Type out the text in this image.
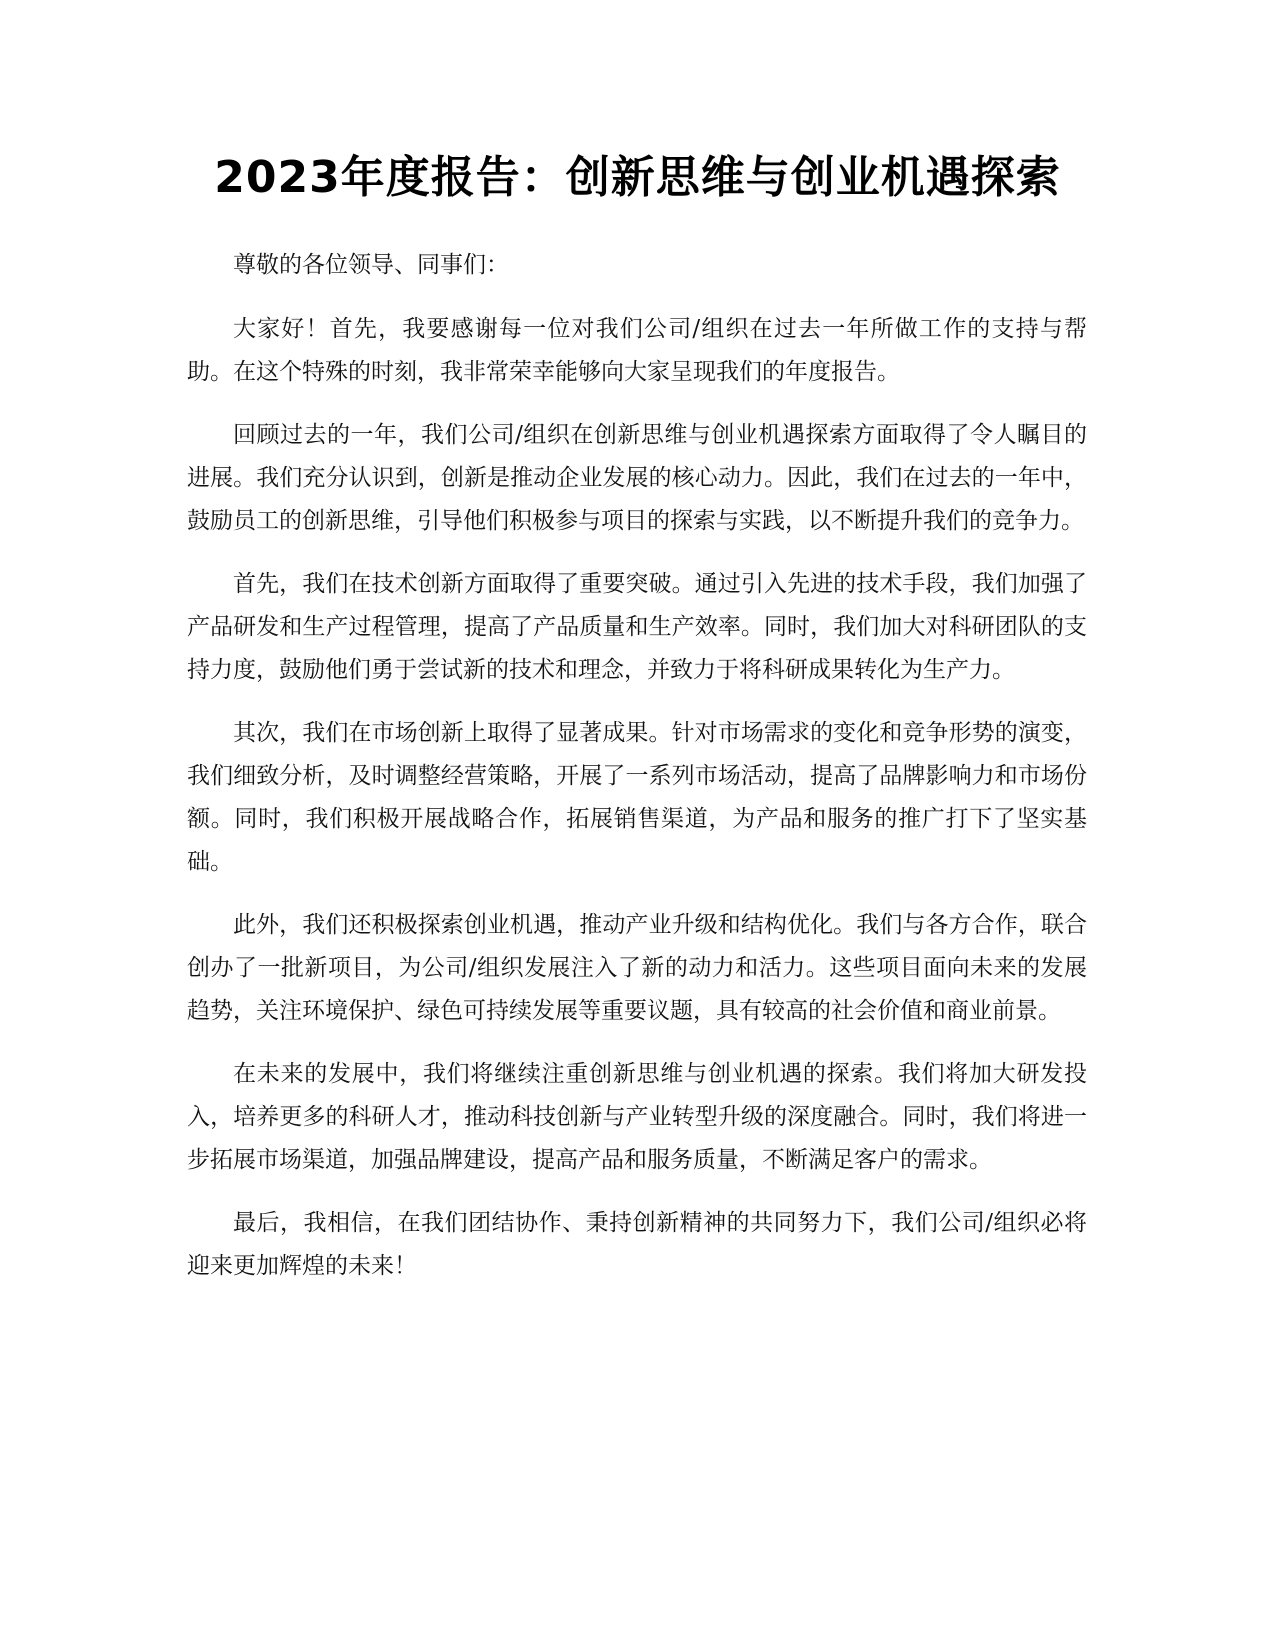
2023年度报告：创新思维与创业机遇探索

尊敬的各位领导、同事们：

大家好！首先，我要感谢每一位对我们公司/组织在过去一年所做工作的支持与帮助。在这个特殊的时刻，我非常荣幸能够向大家呈现我们的年度报告。

回顾过去的一年，我们公司/组织在创新思维与创业机遇探索方面取得了令人瞩目的进展。我们充分认识到，创新是推动企业发展的核心动力。因此，我们在过去的一年中，鼓励员工的创新思维，引导他们积极参与项目的探索与实践，以不断提升我们的竞争力。

首先，我们在技术创新方面取得了重要突破。通过引入先进的技术手段，我们加强了产品研发和生产过程管理，提高了产品质量和生产效率。同时，我们加大对科研团队的支持力度，鼓励他们勇于尝试新的技术和理念，并致力于将科研成果转化为生产力。

其次，我们在市场创新上取得了显著成果。针对市场需求的变化和竞争形势的演变，我们细致分析，及时调整经营策略，开展了一系列市场活动，提高了品牌影响力和市场份额。同时，我们积极开展战略合作，拓展销售渠道，为产品和服务的推广打下了坚实基础。

此外，我们还积极探索创业机遇，推动产业升级和结构优化。我们与各方合作，联合创办了一批新项目，为公司/组织发展注入了新的动力和活力。这些项目面向未来的发展趋势，关注环境保护、绿色可持续发展等重要议题，具有较高的社会价值和商业前景。

在未来的发展中，我们将继续注重创新思维与创业机遇的探索。我们将加大研发投入，培养更多的科研人才，推动科技创新与产业转型升级的深度融合。同时，我们将进一步拓展市场渠道，加强品牌建设，提高产品和服务质量，不断满足客户的需求。

最后，我相信，在我们团结协作、秉持创新精神的共同努力下，我们公司/组织必将迎来更加辉煌的未来！
